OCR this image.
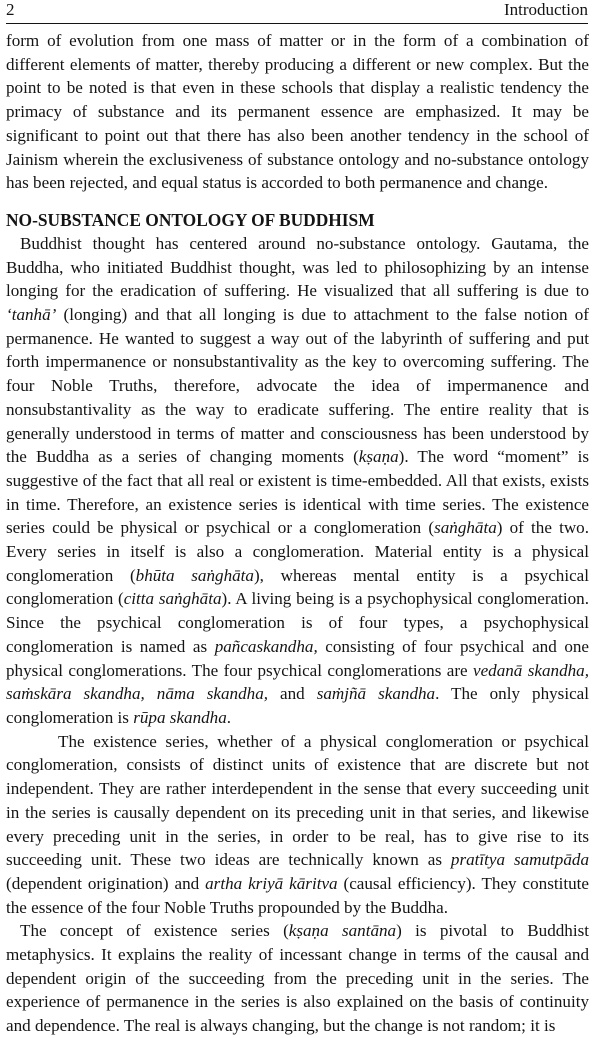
2	Introduction

form of evolution from one mass of matter or in the form of a combination of different elements of matter, thereby producing a different or new complex. But the point to be noted is that even in these schools that display a realistic tendency the primacy of substance and its permanent essence are emphasized. It may be significant to point out that there has also been another tendency in the school of Jainism wherein the exclusiveness of substance ontology and no-substance ontology has been rejected, and equal status is accorded to both permanence and change.

NO-SUBSTANCE ONTOLOGY OF BUDDHISM

Buddhist thought has centered around no-substance ontology. Gautama, the Buddha, who initiated Buddhist thought, was led to philosophizing by an intense longing for the eradication of suffering. He visualized that all suffering is due to ‘tanhā’ (longing) and that all longing is due to attachment to the false notion of permanence. He wanted to suggest a way out of the labyrinth of suffering and put forth impermanence or nonsubstantivality as the key to overcoming suffering. The four Noble Truths, therefore, advocate the idea of impermanence and nonsubstantivality as the way to eradicate suffering. The entire reality that is generally understood in terms of matter and consciousness has been understood by the Buddha as a series of changing moments (kṣaṇa). The word “moment” is suggestive of the fact that all real or existent is time-embedded. All that exists, exists in time. Therefore, an existence series is identical with time series. The existence series could be physical or psychical or a conglomeration (saṅghāta) of the two. Every series in itself is also a conglomeration. Material entity is a physical conglomeration (bhūta saṅghāta), whereas mental entity is a psychical conglomeration (citta saṅghāta). A living being is a psychophysical conglomeration. Since the psychical conglomeration is of four types, a psychophysical conglomeration is named as pañcaskandha, consisting of four psychical and one physical conglomerations. The four psychical conglomerations are vedanā skandha, saṁskāra skandha, nāma skandha, and saṁjñā skandha. The only physical conglomeration is rūpa skandha.

The existence series, whether of a physical conglomeration or psychical conglomeration, consists of distinct units of existence that are discrete but not independent. They are rather interdependent in the sense that every succeeding unit in the series is causally dependent on its preceding unit in that series, and likewise every preceding unit in the series, in order to be real, has to give rise to its succeeding unit. These two ideas are technically known as pratītya samutpāda (dependent origination) and artha kriyā kāritva (causal efficiency). They constitute the essence of the four Noble Truths propounded by the Buddha.

The concept of existence series (kṣaṇa santāna) is pivotal to Buddhist metaphysics. It explains the reality of incessant change in terms of the causal and dependent origin of the succeeding from the preceding unit in the series. The experience of permanence in the series is also explained on the basis of continuity and dependence. The real is always changing, but the change is not random; it is
